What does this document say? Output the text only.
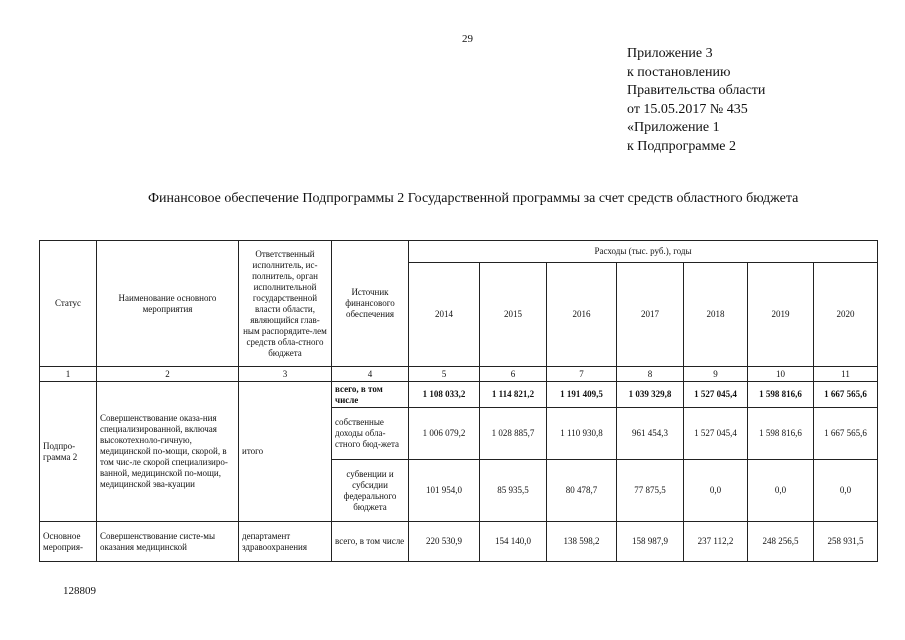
29
Приложение 3
к постановлению
Правительства области
от 15.05.2017 № 435
«Приложение 1
к Подпрограмме 2
Финансовое обеспечение Подпрограммы 2 Государственной программы за счет средств областного бюджета
Статус	Наименование основного мероприятия	Ответственный исполнитель, ис-полнитель, орган исполнительной государственной власти области, являющийся глав-ным распорядите-лем средств обла-стного бюджета	Источник финансового обеспечения	Расходы (тыс. руб.), годы						
				2014	2015	2016	2017	2018	2019	2020
1	2	3	4	5	6	7	8	9	10	11
Подпро-грамма 2	Совершенствование оказа-ния специализированной, включая высокотехноло-гичную, медицинской по-мощи, скорой, в том чис-ле скорой специализиро-ванной, медицинской по-мощи, медицинской эва-куации	итого	всего, в том числе	1 108 033,2	1 114 821,2	1 191 409,5	1 039 329,8	1 527 045,4	1 598 816,6	1 667 565,6
			собственные доходы обла-стного бюд-жета	1 006 079,2	1 028 885,7	1 110 930,8	961 454,3	1 527 045,4	1 598 816,6	1 667 565,6
			субвенции и субсидии федерального бюджета	101 954,0	85 935,5	80 478,7	77 875,5	0,0	0,0	0,0
Основное мероприя-	Совершенствование систе-мы оказания медицинской	департамент здравоохранения	всего, в том числе	220 530,9	154 140,0	138 598,2	158 987,9	237 112,2	248 256,5	258 931,5
128809
